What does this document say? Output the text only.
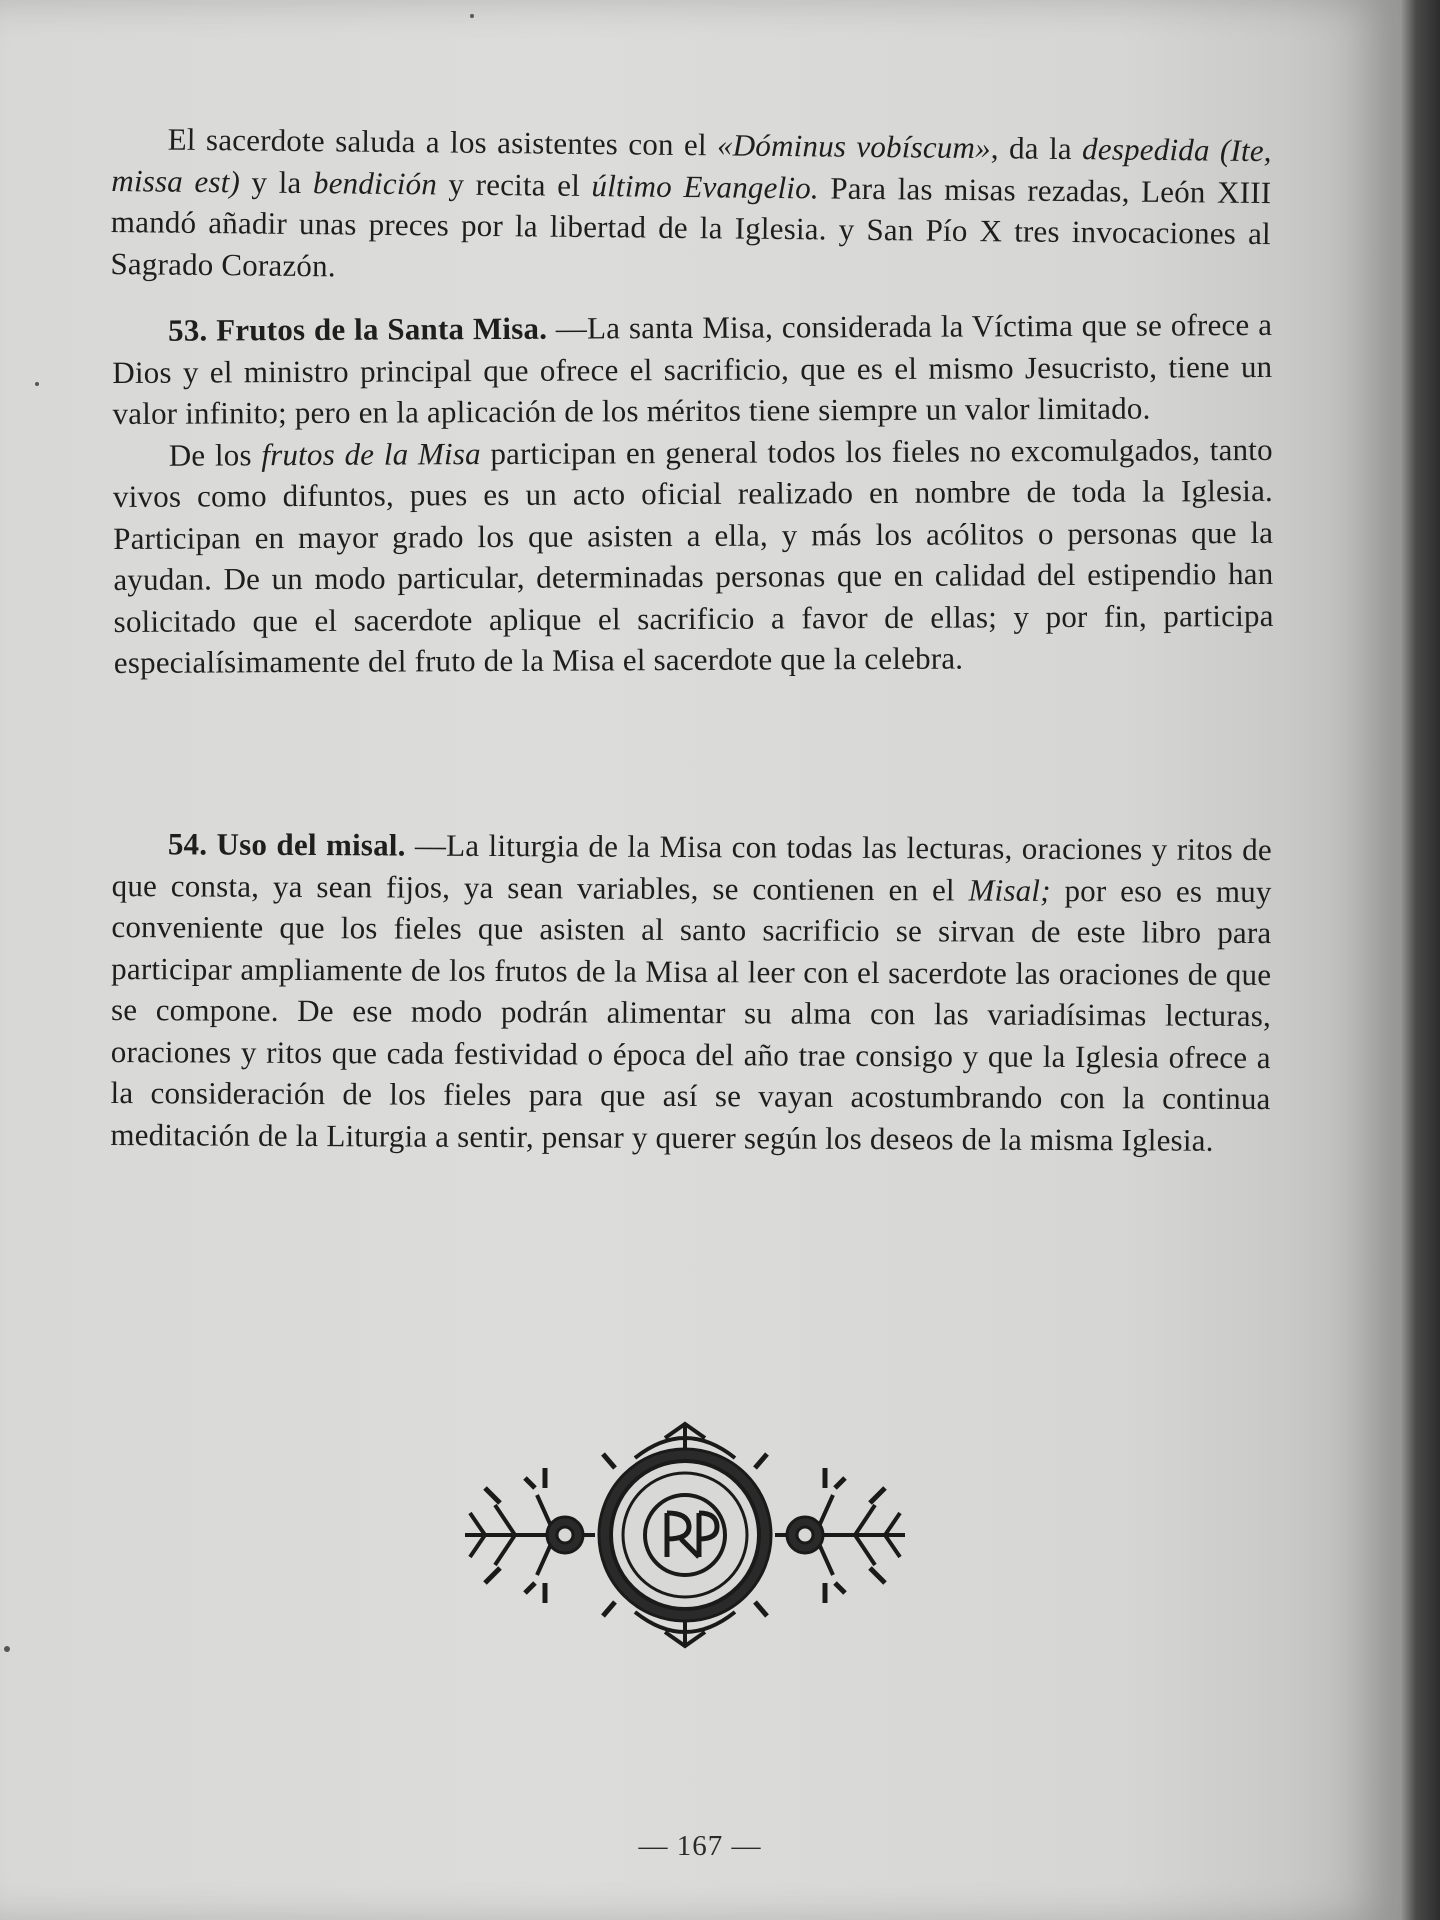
El sacerdote saluda a los asistentes con el «Dóminus vobíscum», da la despedida (Ite, missa est) y la bendición y recita el último Evangelio. Para las misas rezadas, León XIII mandó añadir unas preces por la libertad de la Iglesia. y San Pío X tres invocaciones al Sagrado Corazón.

53. Frutos de la Santa Misa. —La santa Misa, considerada la Víctima que se ofrece a Dios y el ministro principal que ofrece el sacrificio, que es el mismo Jesucristo, tiene un valor infinito; pero en la aplicación de los méritos tiene siempre un valor limitado.

De los frutos de la Misa participan en general todos los fieles no excomulgados, tanto vivos como difuntos, pues es un acto oficial realizado en nombre de toda la Iglesia. Participan en mayor grado los que asisten a ella, y más los acólitos o personas que la ayudan. De un modo particular, determinadas personas que en calidad del estipendio han solicitado que el sacerdote aplique el sacrificio a favor de ellas; y por fin, participa especialísimamente del fruto de la Misa el sacerdote que la celebra.

54. Uso del misal. —La liturgia de la Misa con todas las lecturas, oraciones y ritos de que consta, ya sean fijos, ya sean variables, se contienen en el Misal; por eso es muy conveniente que los fieles que asisten al santo sacrificio se sirvan de este libro para participar ampliamente de los frutos de la Misa al leer con el sacerdote las oraciones de que se compone. De ese modo podrán alimentar su alma con las variadísimas lecturas, oraciones y ritos que cada festividad o época del año trae consigo y que la Iglesia ofrece a la consideración de los fieles para que así se vayan acostumbrando con la continua meditación de la Liturgia a sentir, pensar y querer según los deseos de la misma Iglesia.

— 167 —
